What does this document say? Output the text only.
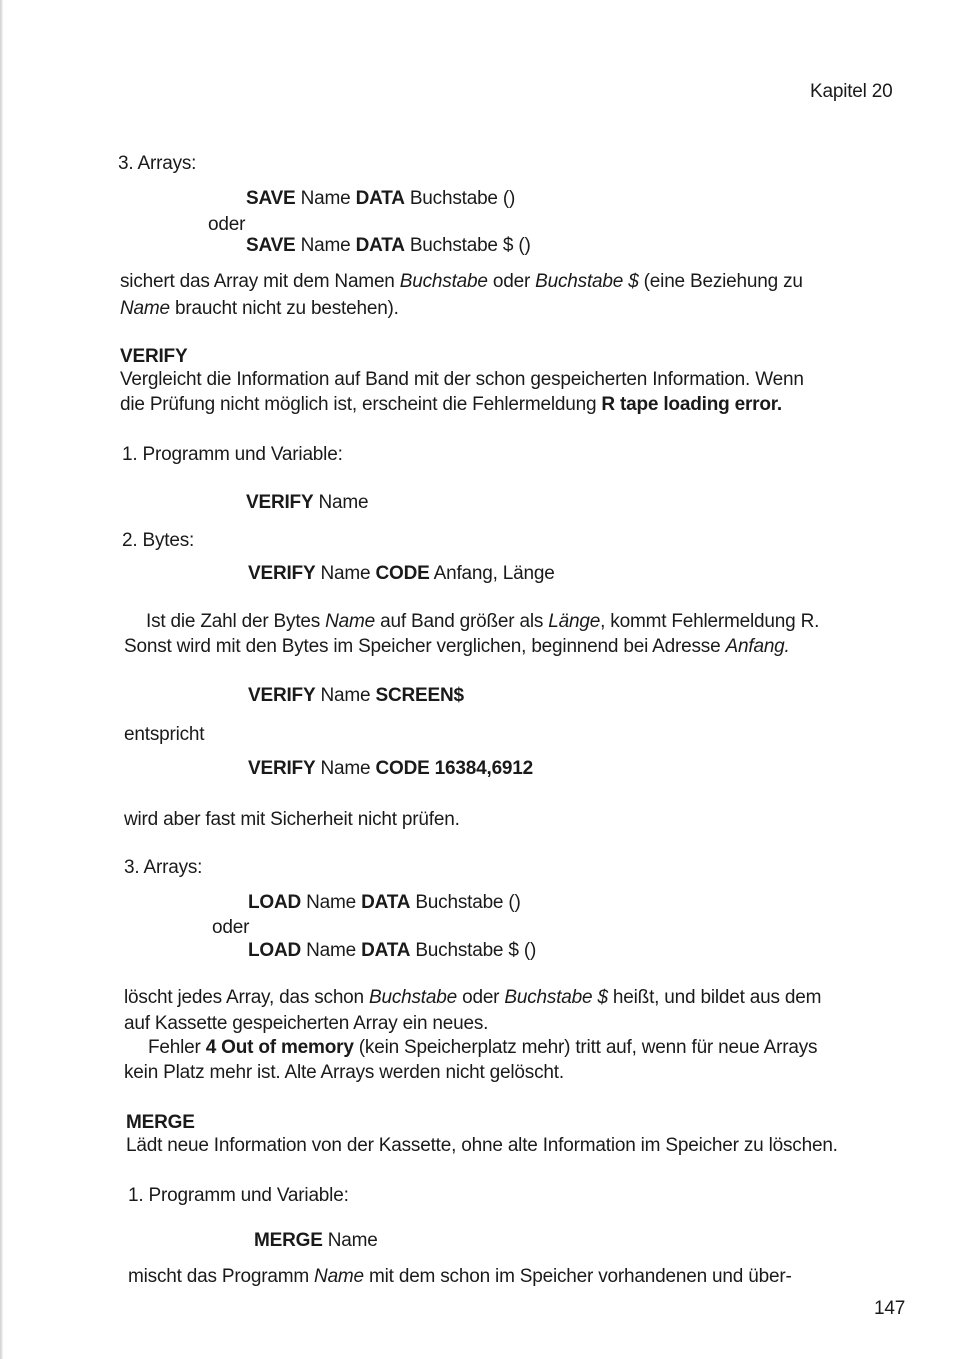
Kapitel 20
3. Arrays:
SAVE Name DATA Buchstabe ()
oder
SAVE Name DATA Buchstabe $ ()
sichert das Array mit dem Namen Buchstabe oder Buchstabe $ (eine Beziehung zu
Name braucht nicht zu bestehen).
VERIFY
Vergleicht die Information auf Band mit der schon gespeicherten Information. Wenn
die Prüfung nicht möglich ist, erscheint die Fehlermeldung R tape loading error.
1. Programm und Variable:
VERIFY Name
2. Bytes:
VERIFY Name CODE Anfang, Länge
Ist die Zahl der Bytes Name auf Band größer als Länge, kommt Fehlermeldung R.
Sonst wird mit den Bytes im Speicher verglichen, beginnend bei Adresse Anfang.
VERIFY Name SCREEN$
entspricht
VERIFY Name CODE 16384,6912
wird aber fast mit Sicherheit nicht prüfen.
3. Arrays:
LOAD Name DATA Buchstabe ()
oder
LOAD Name DATA Buchstabe $ ()
löscht jedes Array, das schon Buchstabe oder Buchstabe $ heißt, und bildet aus dem
auf Kassette gespeicherten Array ein neues.
Fehler 4 Out of memory (kein Speicherplatz mehr) tritt auf, wenn für neue Arrays
kein Platz mehr ist. Alte Arrays werden nicht gelöscht.
MERGE
Lädt neue Information von der Kassette, ohne alte Information im Speicher zu löschen.
1. Programm und Variable:
MERGE Name
mischt das Programm Name mit dem schon im Speicher vorhandenen und über-
147
